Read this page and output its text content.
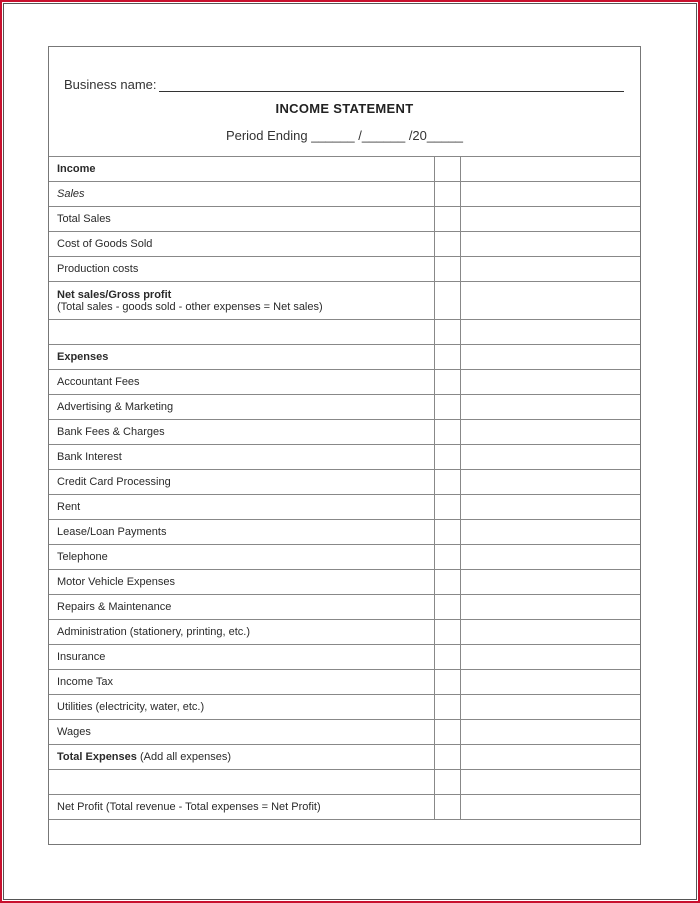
Business name:
INCOME STATEMENT
Period Ending ______ /______ /20_____
Income		
Sales		
Total Sales		
Cost of Goods Sold		
Production costs		
Net sales/Gross profit
(Total sales - goods sold - other expenses = Net sales)		

Expenses		
Accountant Fees		
Advertising & Marketing		
Bank Fees & Charges		
Bank Interest		
Credit Card Processing		
Rent		
Lease/Loan Payments		
Telephone		
Motor Vehicle Expenses		
Repairs & Maintenance		
Administration (stationery, printing, etc.)		
Insurance		
Income Tax		
Utilities (electricity, water, etc.)		
Wages		
Total Expenses (Add all expenses)		

Net Profit (Total revenue - Total expenses = Net Profit)		
